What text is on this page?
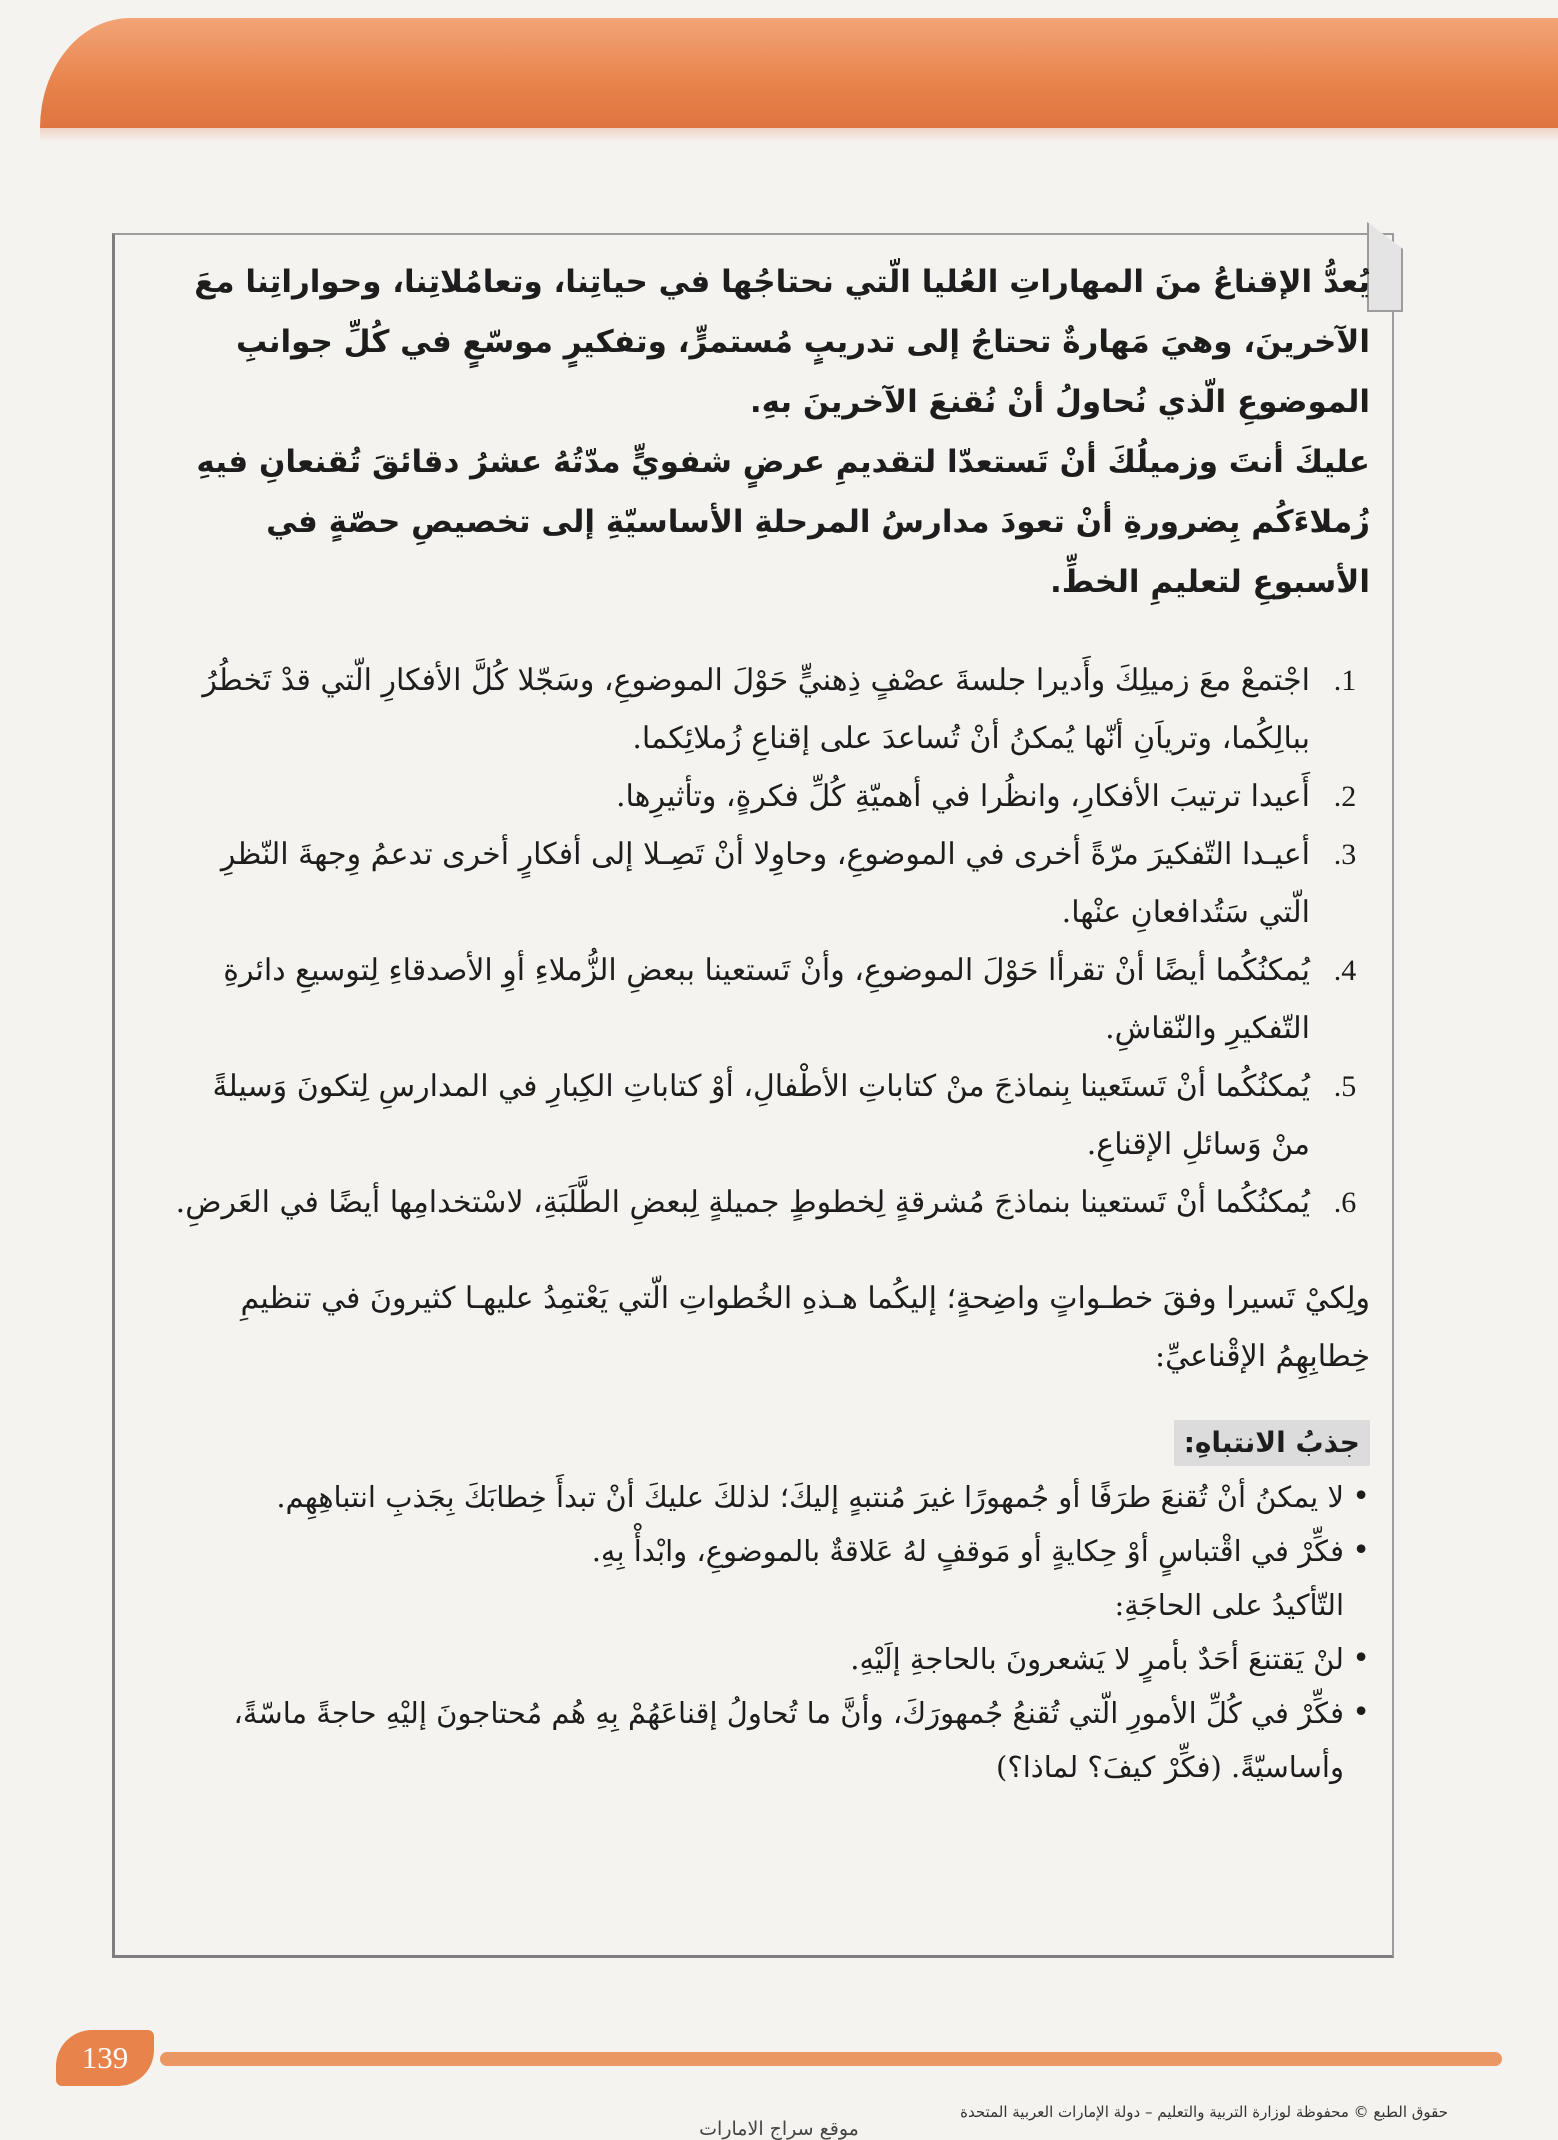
يُعدُّ الإقناعُ منَ المهاراتِ العُليا الّتي نحتاجُها في حياتِنا، وتعامُلاتِنا، وحواراتِنا معَ الآخرينَ، وهيَ مَهارةٌ تحتاجُ إلى تدريبٍ مُستمرٍّ، وتفكيرٍ موسّعٍ في كُلِّ جوانبِ الموضوعِ الّذي نُحاولُ أنْ نُقنعَ الآخرينَ بهِ.

عليكَ أنتَ وزميلُكَ أنْ تَستعدّا لتقديمِ عرضٍ شفويٍّ مدّتُهُ عشرُ دقائقَ تُقنعانِ فيهِ زُملاءَكُم بِضرورةِ أنْ تعودَ مدارسُ المرحلةِ الأساسيّةِ إلى تخصيصِ حصّةٍ في الأسبوعِ لتعليمِ الخطِّ.

1.
اجْتمعْ معَ زميلِكَ وأَديرا جلسةَ عصْفٍ ذِهنيٍّ حَوْلَ الموضوعِ، وسَجّلا كُلَّ الأفكارِ الّتي قدْ تَخطُرُ ببالِكُما، وترياَنِ أنّها يُمكنُ أنْ تُساعدَ على إقناعِ زُملائِكما.
2.
أَعيدا ترتيبَ الأفكارِ، وانظُرا في أهميّةِ كُلِّ فكرةٍ، وتأثيرِها.
3.
أعيـدا التّفكيرَ مرّةً أخرى في الموضوعِ، وحاوِلا أنْ تَصِـلا إلى أفكارٍ أخرى تدعمُ وِجهةَ النّظرِ الّتي سَتُدافعانِ عنْها.
4.
يُمكنُكُما أيضًا أنْ تقرأا حَوْلَ الموضوعِ، وأنْ تَستعينا ببعضِ الزُّملاءِ أوِ الأصدقاءِ لِتوسيعِ دائرةِ التّفكيرِ والنّقاشِ.
5.
يُمكنُكُما أنْ تَستَعينا بِنماذجَ منْ كتاباتِ الأطْفالِ، أوْ كتاباتِ الكِبارِ في المدارسِ لِتكونَ وَسيلةً منْ وَسائلِ الإقناعِ.
6.
يُمكنُكُما أنْ تَستعينا بنماذجَ مُشرقةٍ لِخطوطٍ جميلةٍ لِبعضِ الطَّلَبَةِ، لاسْتخدامِها أيضًا في العَرضِ.

ولِكيْ تَسيرا وفقَ خطـواتٍ واضِحةٍ؛ إليكُما هـذهِ الخُطواتِ الّتي يَعْتمِدُ عليهـا كثيرونَ في تنظيمِ خِطابِهِمُ الإقْناعيِّ:

جذبُ الانتباهِ:
• لا يمكنُ أنْ تُقنعَ طرَفًا أو جُمهورًا غيرَ مُنتبهٍ إليكَ؛ لذلكَ عليكَ أنْ تبدأَ خِطابَكَ بِجَذبِ انتباهِهِم.
• فكِّرْ في اقْتباسٍ أوْ حِكايةٍ أو مَوقفٍ لهُ عَلاقةٌ بالموضوعِ، وابْدأْ بِهِ.
التّأكيدُ على الحاجَةِ:
• لنْ يَقتنعَ أحَدٌ بأمرٍ لا يَشعرونَ بالحاجةِ إلَيْهِ.
• فكِّرْ في كُلِّ الأمورِ الّتي تُقنعُ جُمهورَكَ، وأنَّ ما تُحاولُ إقناعَهُمْ بِهِ هُم مُحتاجونَ إليْهِ حاجةً ماسّةً، وأساسيّةً. (فكِّرْ كيفَ؟ لماذا؟)
139
حقوق الطبع © محفوظة لوزارة التربية والتعليم – دولة الإمارات العربية المتحدة
موقع سراج الامارات
